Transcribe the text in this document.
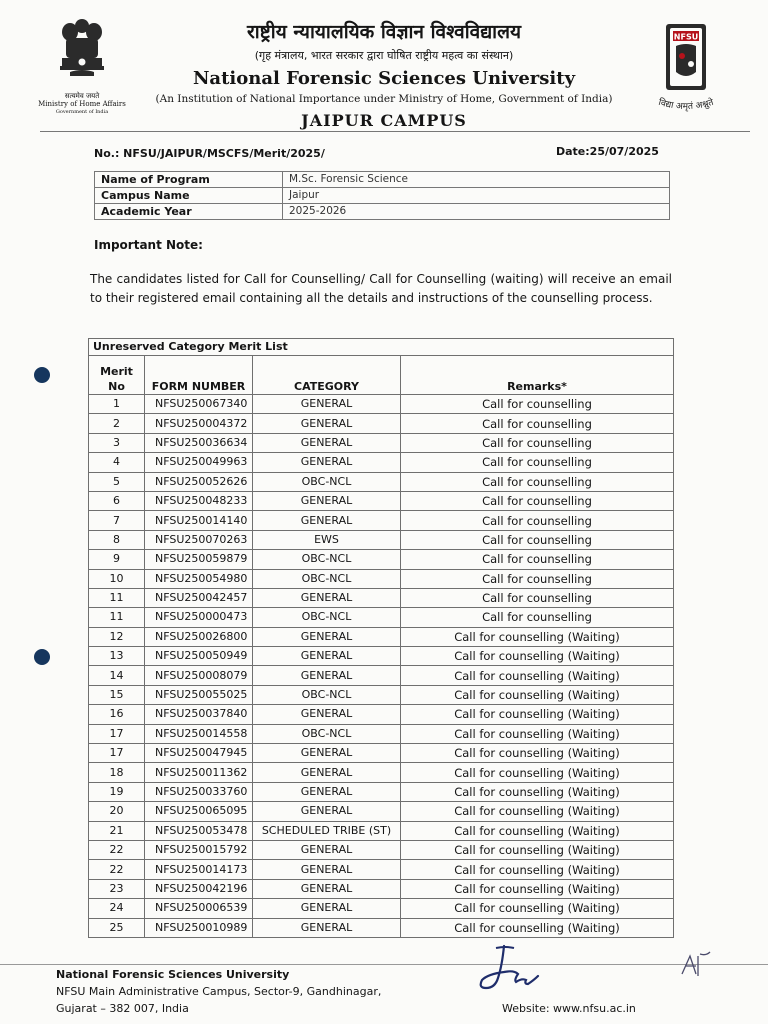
सत्यमेव जयते
Ministry of Home Affairs
Government of India
राष्ट्रीय न्यायालयिक विज्ञान विश्वविद्यालय
(गृह मंत्रालय, भारत सरकार द्वारा घोषित राष्ट्रीय महत्व का संस्थान)
National Forensic Sciences University
(An Institution of National Importance under Ministry of Home, Government of India)
JAIPUR CAMPUS
NFSU
विद्या अमृतं अश्नुते
No.: NFSU/JAIPUR/MSCFS/Merit/2025/	Date:25/07/2025
Name of Program	M.Sc. Forensic Science
Campus Name	Jaipur
Academic Year	2025-2026
Important Note:
The candidates listed for Call for Counselling/ Call for Counselling (waiting) will receive an email to their registered email containing all the details and instructions of the counselling process.
Unreserved Category Merit List			
Merit No	FORM NUMBER	CATEGORY	Remarks*
1	NFSU250067340	GENERAL	Call for counselling
2	NFSU250004372	GENERAL	Call for counselling
3	NFSU250036634	GENERAL	Call for counselling
4	NFSU250049963	GENERAL	Call for counselling
5	NFSU250052626	OBC-NCL	Call for counselling
6	NFSU250048233	GENERAL	Call for counselling
7	NFSU250014140	GENERAL	Call for counselling
8	NFSU250070263	EWS	Call for counselling
9	NFSU250059879	OBC-NCL	Call for counselling
10	NFSU250054980	OBC-NCL	Call for counselling
11	NFSU250042457	GENERAL	Call for counselling
11	NFSU250000473	OBC-NCL	Call for counselling
12	NFSU250026800	GENERAL	Call for counselling (Waiting)
13	NFSU250050949	GENERAL	Call for counselling (Waiting)
14	NFSU250008079	GENERAL	Call for counselling (Waiting)
15	NFSU250055025	OBC-NCL	Call for counselling (Waiting)
16	NFSU250037840	GENERAL	Call for counselling (Waiting)
17	NFSU250014558	OBC-NCL	Call for counselling (Waiting)
17	NFSU250047945	GENERAL	Call for counselling (Waiting)
18	NFSU250011362	GENERAL	Call for counselling (Waiting)
19	NFSU250033760	GENERAL	Call for counselling (Waiting)
20	NFSU250065095	GENERAL	Call for counselling (Waiting)
21	NFSU250053478	SCHEDULED TRIBE (ST)	Call for counselling (Waiting)
22	NFSU250015792	GENERAL	Call for counselling (Waiting)
22	NFSU250014173	GENERAL	Call for counselling (Waiting)
23	NFSU250042196	GENERAL	Call for counselling (Waiting)
24	NFSU250006539	GENERAL	Call for counselling (Waiting)
25	NFSU250010989	GENERAL	Call for counselling (Waiting)
National Forensic Sciences University
NFSU Main Administrative Campus, Sector-9, Gandhinagar,
Gujarat – 382 007, India	Website: www.nfsu.ac.in
